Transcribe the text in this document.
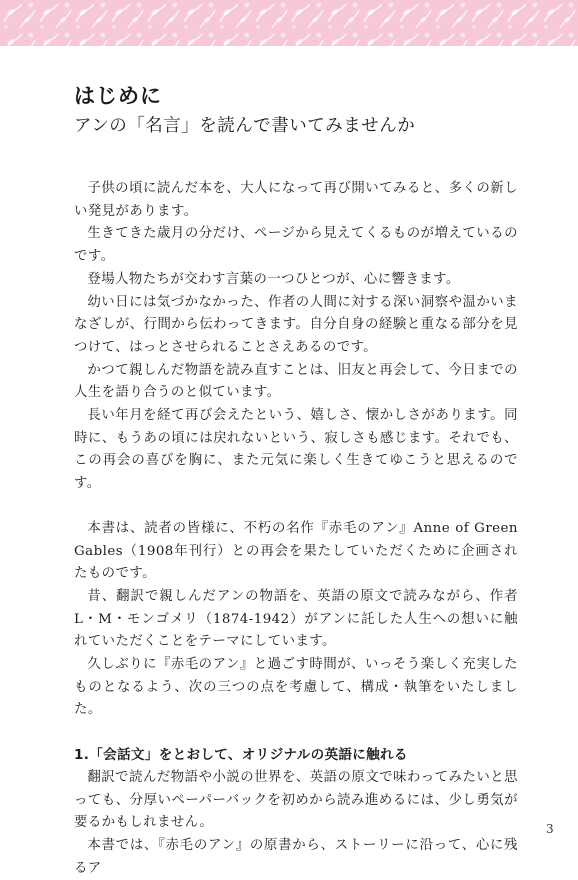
はじめに
アンの「名言」を読んで書いてみませんか

子供の頃に読んだ本を、大人になって再び開いてみると、多くの新しい発見があります。

生きてきた歳月の分だけ、ページから見えてくるものが増えているのです。

登場人物たちが交わす言葉の一つひとつが、心に響きます。

幼い日には気づかなかった、作者の人間に対する深い洞察や温かいまなざしが、行間から伝わってきます。自分自身の経験と重なる部分を見つけて、はっとさせられることさえあるのです。

かつて親しんだ物語を読み直すことは、旧友と再会して、今日までの人生を語り合うのと似ています。

長い年月を経て再び会えたという、嬉しさ、懐かしさがあります。同時に、もうあの頃には戻れないという、寂しさも感じます。それでも、この再会の喜びを胸に、また元気に楽しく生きてゆこうと思えるのです。

本書は、読者の皆様に、不朽の名作『赤毛のアン』Anne of Green Gables（1908年刊行）との再会を果たしていただくために企画されたものです。

昔、翻訳で親しんだアンの物語を、英語の原文で読みながら、作者L・M・モンゴメリ（1874-1942）がアンに託した人生への想いに触れていただくことをテーマにしています。

久しぶりに『赤毛のアン』と過ごす時間が、いっそう楽しく充実したものとなるよう、次の三つの点を考慮して、構成・執筆をいたしました。

1.「会話文」をとおして、オリジナルの英語に触れる

翻訳で読んだ物語や小説の世界を、英語の原文で味わってみたいと思っても、分厚いペーパーバックを初めから読み進めるには、少し勇気が要るかもしれません。

本書では、『赤毛のアン』の原書から、ストーリーに沿って、心に残るア

3
